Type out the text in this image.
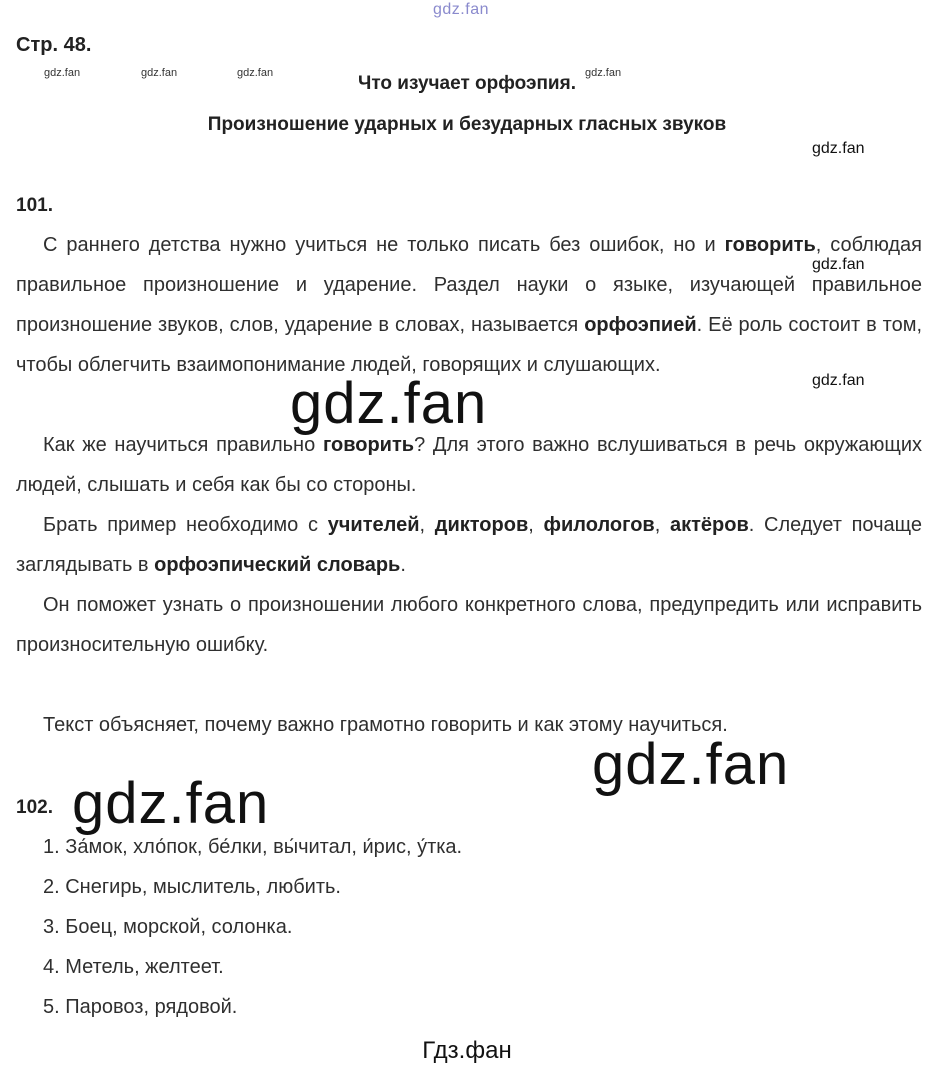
gdz.fan
gdz.fan	gdz.fan	gdz.fan	gdz.fan
Стр. 48.
Что изучает орфоэпия.
Произношение ударных и безударных гласных звуков
gdz.fan
101.
С раннего детства нужно учиться не только писать без ошибок, но и говорить, соблюдая правильное произношение и ударение. Раздел науки о языке, изучающей правильное произношение звуков, слов, ударение в словах, называется орфоэпией. Её роль состоит в том, чтобы облегчить взаимопонимание людей, говорящих и слушающих.
gdz.fan
gdz.fan
gdz.fan
Как же научиться правильно говорить? Для этого важно вслушиваться в речь окружающих людей, слышать и себя как бы со стороны.
Брать пример необходимо с учителей, дикторов, филологов, актёров. Следует почаще заглядывать в орфоэпический словарь.
Он поможет узнать о произношении любого конкретного слова, предупредить или исправить произносительную ошибку.
Текст объясняет, почему важно грамотно говорить и как этому научиться.
gdz.fan
102. gdz.fan
1. За́мок, хло́пок, бе́лки, вы́читал, и́рис, у́тка.
2. Снегирь, мыслитель, любить.
3. Боец, морской, солонка.
4. Метель, желтеет.
5. Паровоз, рядовой.
Гдз.фан
